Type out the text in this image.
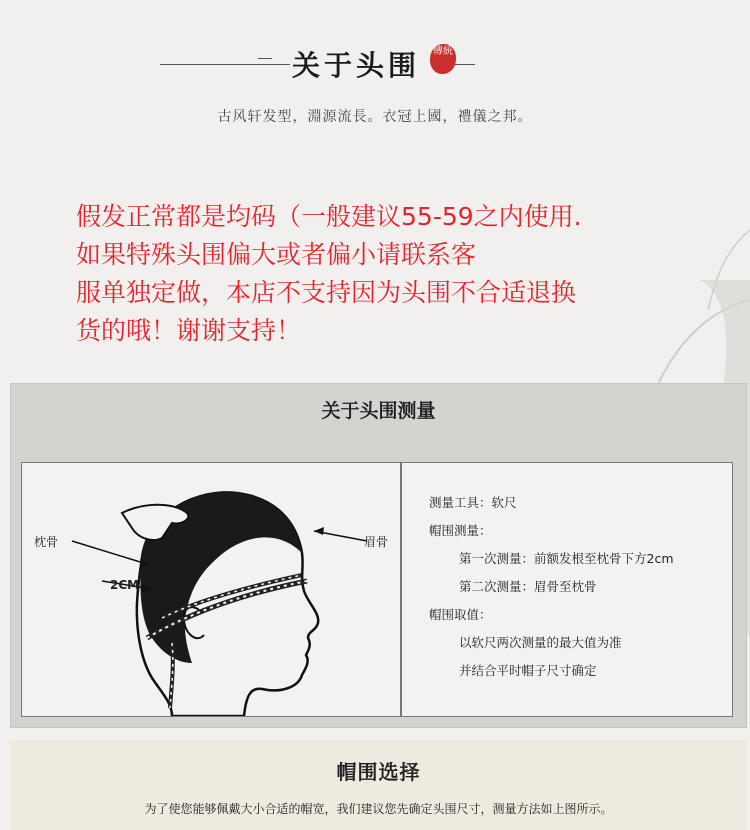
关于头围	傳統
古风轩发型，淵源流長。衣冠上國，禮儀之邦。
假发正常都是均码（一般建议55-59之内使用.
如果特殊头围偏大或者偏小请联系客
服单独定做，本店不支持因为头围不合适退换
货的哦！谢谢支持！
关于头围测量
枕骨
2CM
眉骨
测量工具：软尺
帽围测量：
第一次测量：前额发根至枕骨下方2cm
第二次测量：眉骨至枕骨
帽围取值：
以软尺两次测量的最大值为准
并结合平时帽子尺寸确定
帽围选择
为了使您能够佩戴大小合适的帽宽，我们建议您先确定头围尺寸，测量方法如上图所示。
